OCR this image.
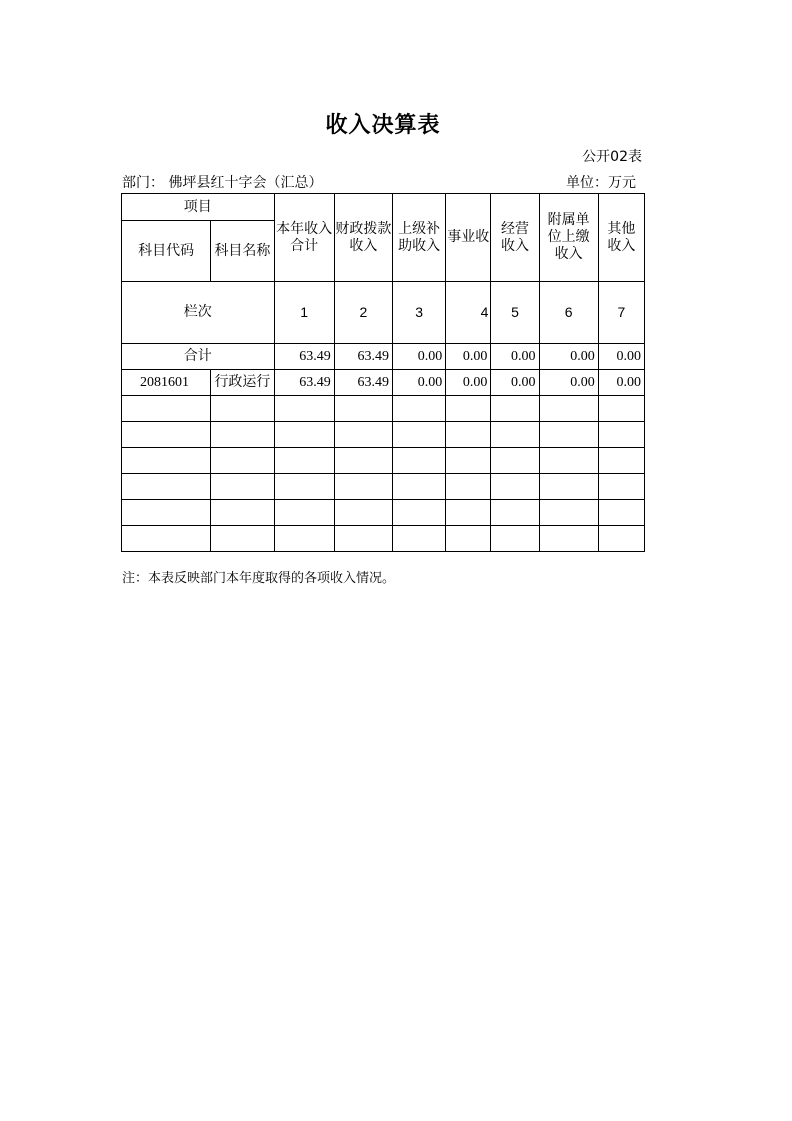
收入决算表
公开02表
部门： 佛坪县红十字会（汇总）	单位：万元
项目		本年收入合计	财政拨款收入	上级补助收入	事业收	经营收入	附属单位上缴收入	其他收入
科目代码	科目名称							
栏次		1	2	3	4	5	6	7
合计		63.49	63.49	0.00	0.00	0.00	0.00	0.00
2081601	行政运行	63.49	63.49	0.00	0.00	0.00	0.00	0.00

注：本表反映部门本年度取得的各项收入情况。
